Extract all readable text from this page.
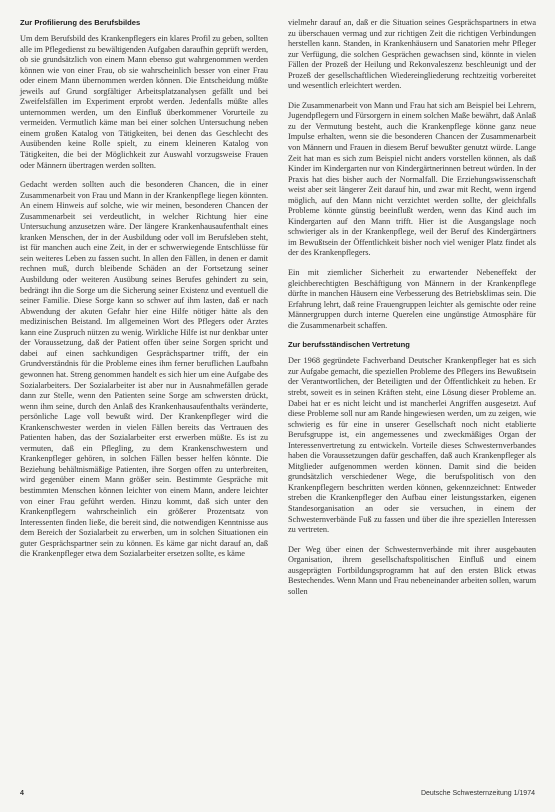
Zur Profilierung des Berufsbildes

Um dem Berufsbild des Krankenpflegers ein klares Profil zu geben, sollten alle im Pflegedienst zu bewältigenden Aufgaben daraufhin geprüft werden, ob sie grundsätzlich von einem Mann ebenso gut wahrgenommen werden können wie von einer Frau, ob sie wahrscheinlich besser von einer Frau oder einem Mann übernommen werden können. Die Entscheidung müßte jeweils auf Grund sorgfältiger Arbeitsplatzanalysen gefällt und bei Zweifelsfällen im Experiment erprobt werden. Jedenfalls müßte alles unternommen werden, um den Einfluß überkommener Vorurteile zu vermeiden. Vermutlich käme man bei einer solchen Untersuchung neben einem großen Katalog von Tätigkeiten, bei denen das Geschlecht des Ausübenden keine Rolle spielt, zu einem kleineren Katalog von Tätigkeiten, die bei der Möglichkeit zur Auswahl vorzugsweise Frauen oder Männern übertragen werden sollten.

Gedacht werden sollten auch die besonderen Chancen, die in einer Zusammenarbeit von Frau und Mann in der Krankenpflege liegen könnten. An einem Hinweis auf solche, wie wir meinen, besonderen Chancen der Zusammenarbeit sei verdeutlicht, in welcher Richtung hier eine Untersuchung anzusetzen wäre. Der längere Krankenhausaufenthalt eines kranken Menschen, der in der Ausbildung oder voll im Berufsleben steht, ist für manchen auch eine Zeit, in der er schwerwiegende Entschlüsse für sein weiteres Leben zu fassen sucht. In allen den Fällen, in denen er damit rechnen muß, durch bleibende Schäden an der Fortsetzung seiner Ausbildung oder weiteren Ausübung seines Berufes gehindert zu sein, bedrängt ihn die Sorge um die Sicherung seiner Existenz und eventuell die seiner Familie. Diese Sorge kann so schwer auf ihm lasten, daß er nach Abwendung der akuten Gefahr hier eine Hilfe nötiger hätte als den medizinischen Beistand. Im allgemeinen Wort des Pflegers oder Arztes kann eine Zuspruch nützen zu wenig. Wirkliche Hilfe ist nur denkbar unter der Voraussetzung, daß der Patient offen über seine Sorgen spricht und dabei auf einen sachkundigen Gesprächspartner trifft, der ein Grundverständnis für die Probleme eines ihm ferner beruflichen Laufbahn gewonnen hat. Streng genommen handelt es sich hier um eine Aufgabe des Sozialarbeiters. Der Sozialarbeiter ist aber nur in Ausnahmefällen gerade dann zur Stelle, wenn den Patienten seine Sorge am schwersten drückt, wenn ihm seine, durch den Anlaß des Krankenhausaufenthalts veränderte, persönliche Lage voll bewußt wird. Der Krankenpfleger wird die Krankenschwester werden in vielen Fällen bereits das Vertrauen des Patienten haben, das der Sozialarbeiter erst erwerben müßte. Es ist zu vermuten, daß ein Pflegling, zu dem Krankenschwestern und Krankenpfleger gehören, in solchen Fällen besser helfen könnte. Die Beziehung behältnismäßige Patienten, ihre Sorgen offen zu unterbreiten, wird gegenüber einem Mann größer sein. Bestimmte Gespräche mit bestimmten Menschen können leichter von einem Mann, andere leichter von einer Frau geführt werden. Hinzu kommt, daß sich unter den Krankenpflegern wahrscheinlich ein größerer Prozentsatz von Interessenten finden ließe, die bereit sind, die notwendigen Kenntnisse aus dem Bereich der Sozialarbeit zu erwerben, um in solchen Situationen ein guter Gesprächspartner sein zu können. Es käme gar nicht darauf an, daß die Krankenpfleger etwa dem Sozialarbeiter ersetzen sollte, es käme

vielmehr darauf an, daß er die Situation seines Gesprächspartners in etwa zu überschauen vermag und zur richtigen Zeit die richtigen Verbindungen herstellen kann. Standen, in Krankenhäusern und Sanatorien mehr Pfleger zur Verfügung, die solchen Gesprächen gewachsen sind, könnte in vielen Fällen der Prozeß der Heilung und Rekonvaleszenz beschleunigt und der Prozeß der gesellschaftlichen Wiedereingliederung rechtzeitig vorbereitet und wesentlich erleichtert werden.

Die Zusammenarbeit von Mann und Frau hat sich am Beispiel bei Lehrern, Jugendpflegern und Fürsorgern in einem solchen Maße bewährt, daß Anlaß zu der Vermutung besteht, auch die Krankenpflege könne ganz neue Impulse erhalten, wenn sie die besonderen Chancen der Zusammenarbeit von Männern und Frauen in diesem Beruf bewußter genutzt würde. Lange Zeit hat man es sich zum Beispiel nicht anders vorstellen können, als daß Kinder im Kindergarten nur von Kindergärtnerinnen betreut würden. In der Praxis hat dies bisher auch der Normalfall. Die Erziehungswissenschaft weist aber seit längerer Zeit darauf hin, und zwar mit Recht, wenn irgend möglich, auf den Mann nicht verzichtet werden sollte, der gleichfalls Probleme könnte günstig beeinflußt werden, wenn das Kind auch im Kindergarten auf den Mann trifft. Hier ist die Ausgangslage noch schwieriger als in der Krankenpflege, weil der Beruf des Kindergärtners im Bewußtsein der Öffentlichkeit bisher noch viel weniger Platz findet als der des Krankenpflegers.

Ein mit ziemlicher Sicherheit zu erwartender Nebeneffekt der gleichberechtigten Beschäftigung von Männern in der Krankenpflege dürfte in manchen Häusern eine Verbesserung des Betriebsklimas sein. Die Erfahrung lehrt, daß reine Frauengruppen leichter als gemischte oder reine Männergruppen durch interne Querelen eine ungünstige Atmosphäre für die Zusammenarbeit schaffen.

Zur berufsständischen Vertretung

Der 1968 gegründete Fachverband Deutscher Krankenpfleger hat es sich zur Aufgabe gemacht, die speziellen Probleme des Pflegers ins Bewußtsein der Verantwortlichen, der Beteiligten und der Öffentlichkeit zu heben. Er strebt, soweit es in seinen Kräften steht, eine Lösung dieser Probleme an. Dabei hat er es nicht leicht und ist mancherlei Angriffen ausgesetzt. Auf diese Probleme soll nur am Rande hingewiesen werden, um zu zeigen, wie schwierig es für eine in unserer Gesellschaft noch nicht etablierte Berufsgruppe ist, ein angemessenes und zweckmäßiges Organ der Interessenvertretung zu entwickeln. Vorteile dieses Schwesternverbandes haben die Voraussetzungen dafür geschaffen, daß auch Krankenpfleger als Mitglieder aufgenommen werden können. Damit sind die beiden grundsätzlich verschiedener Wege, die berufspolitisch von den Krankenpflegern beschritten werden können, gekennzeichnet: Entweder streben die Krankenpfleger den Aufbau einer leistungsstarken, eigenen Standesorganisation an oder sie versuchen, in einem der Schwesternverbände Fuß zu fassen und über die ihre speziellen Interessen zu vertreten.

Der Weg über einen der Schwesternverbände mit ihrer ausgebauten Organisation, ihrem gesellschaftspolitischen Einfluß und einem ausgeprägten Fortbildungsprogramm hat auf den ersten Blick etwas Bestechendes. Wenn Mann und Frau nebeneinander arbeiten sollen, warum sollen

4	Deutsche Schwesternzeitung 1/1974
